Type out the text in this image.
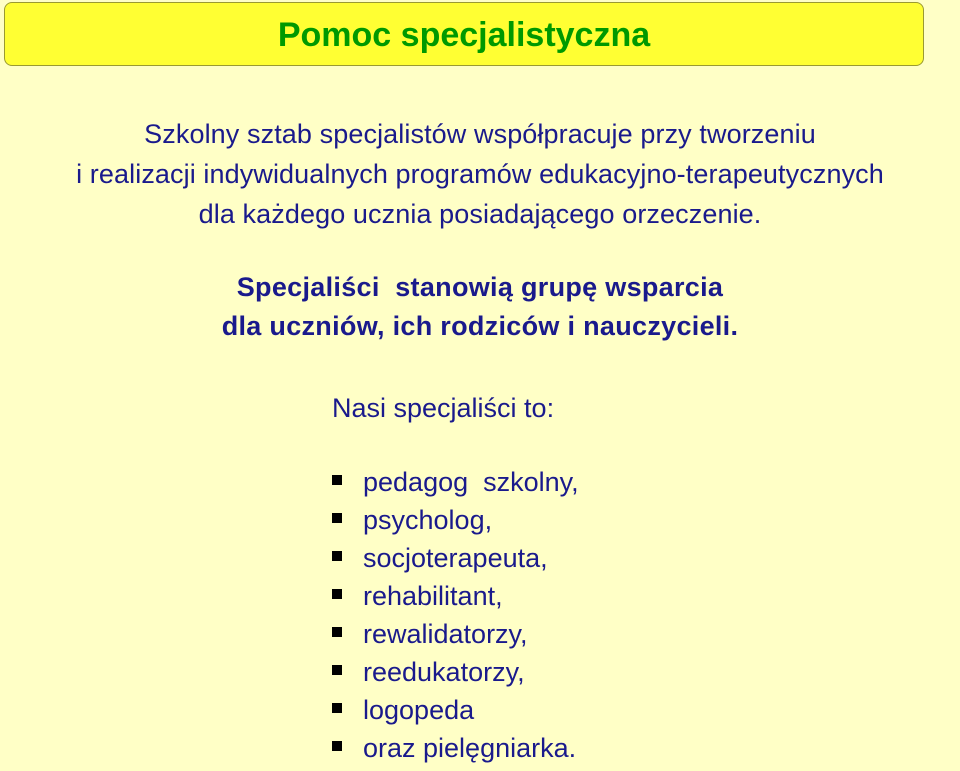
Pomoc specjalistyczna

Szkolny sztab specjalistów współpracuje przy tworzeniu
i realizacji indywidualnych programów edukacyjno-terapeutycznych
dla każdego ucznia posiadającego orzeczenie.

Specjaliści  stanowią grupę wsparcia
dla uczniów, ich rodziców i nauczycieli.

Nasi specjaliści to:

pedagog  szkolny,
psycholog,
socjoterapeuta,
rehabilitant,
rewalidatorzy,
reedukatorzy,
logopeda
oraz pielęgniarka.
